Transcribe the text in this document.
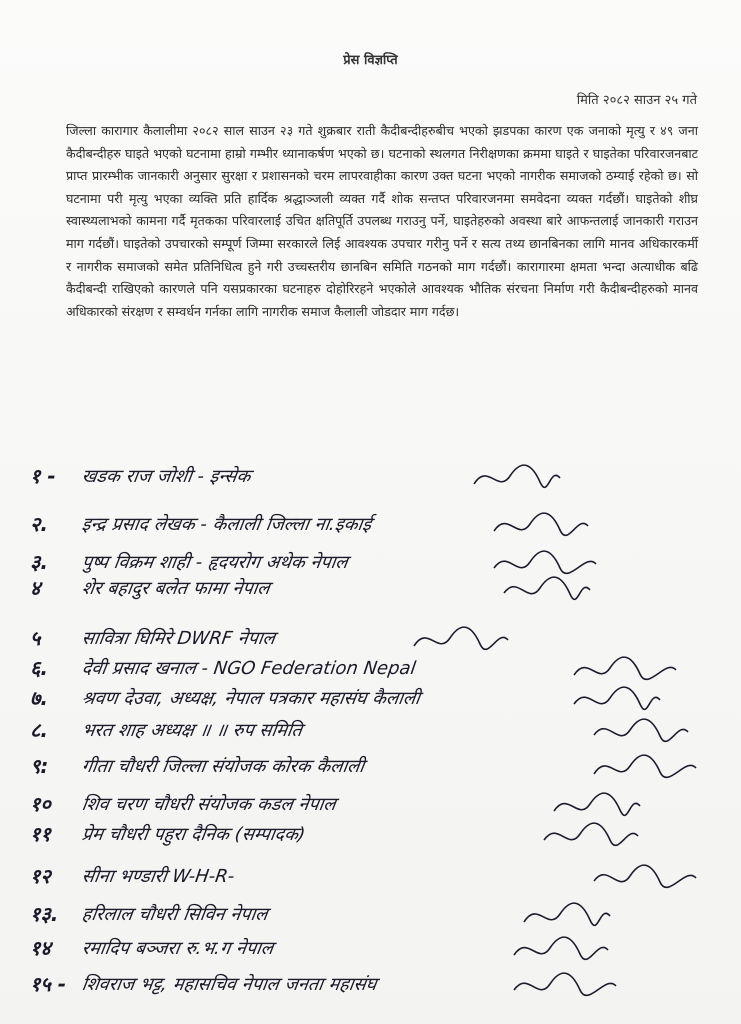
प्रेस विज्ञप्ति
मिति २०८२ साउन २५ गते
जिल्ला कारागार कैलालीमा २०८२ साल साउन २३ गते शुक्रबार राती कैदीबन्दीहरुबीच भएको झडपका कारण एक जनाको मृत्यु र ४९ जना कैदीबन्दीहरु घाइते भएको घटनामा हाम्रो गम्भीर ध्यानाकर्षण भएको छ। घटनाको स्थलगत निरीक्षणका क्रममा घाइते र घाइतेका परिवारजनबाट प्राप्त प्रारम्भीक जानकारी अनुसार सुरक्षा र प्रशासनको चरम लापरवाहीका कारण उक्त घटना भएको नागरीक समाजको ठम्याई रहेको छ। सो घटनामा परी मृत्यु भएका व्यक्ति प्रति हार्दिक श्रद्धाञ्जली व्यक्त गर्दै शोक सन्तप्त परिवारजनमा समवेदना व्यक्त गर्दछौं। घाइतेको शीघ्र स्वास्थ्यलाभको कामना गर्दै मृतकका परिवारलाई उचित क्षतिपूर्ति उपलब्ध गराउनु पर्ने, घाइतेहरुको अवस्था बारे आफन्तलाई जानकारी गराउन माग गर्दछौं। घाइतेको उपचारको सम्पूर्ण जिम्मा सरकारले लिई आवश्यक उपचार गरीनु पर्ने र सत्य तथ्य छानबिनका लागि मानव अधिकारकर्मी र नागरीक समाजको समेत प्रतिनिधित्व हुने गरी उच्चस्तरीय छानबिन समिति गठनको माग गर्दछौं। कारागारमा क्षमता भन्दा अत्याधीक बढि कैदीबन्दी राखिएको कारणले पनि यसप्रकारका घटनाहरु दोहोरिरहने भएकोले आवश्यक भौतिक संरचना निर्माण गरी कैदीबन्दीहरुको मानव अधिकारको संरक्षण र सम्वर्धन गर्नका लागि नागरीक समाज कैलाली जोडदार माग गर्दछ।
१ - खडक राज जोशी - इन्सेक
२. इन्द्र प्रसाद लेखक - कैलाली जिल्ला ना.इकाई
३. पुष्प विक्रम शाही - हृदयरोग अथेक नेपाल
४ शेर बहादुर बलेत फामा नेपाल
५ सावित्रा घिमिरे DWRF नेपाल
६. देवी प्रसाद खनाल - NGO Federation Nepal
७. श्रवण देउवा, अध्यक्ष, नेपाल पत्रकार महासंघ कैलाली
८. भरत शाह अध्यक्ष ॥ ॥ रुप समिति
९: गीता चौधरी जिल्ला संयोजक कोरक कैलाली
१० शिव चरण चौधरी संयोजक कडल नेपाल
११ प्रेम चौधरी पहुरा दैनिक (सम्पादक)
१२ सीना भण्डारी W-H-R-
१३. हरिलाल चौधरी सिविन नेपाल
१४ रमादिप बञ्जरा रु.भ.ग नेपाल
१५ - शिवराज भट्ट, महासचिव नेपाल जनता महासंघ
